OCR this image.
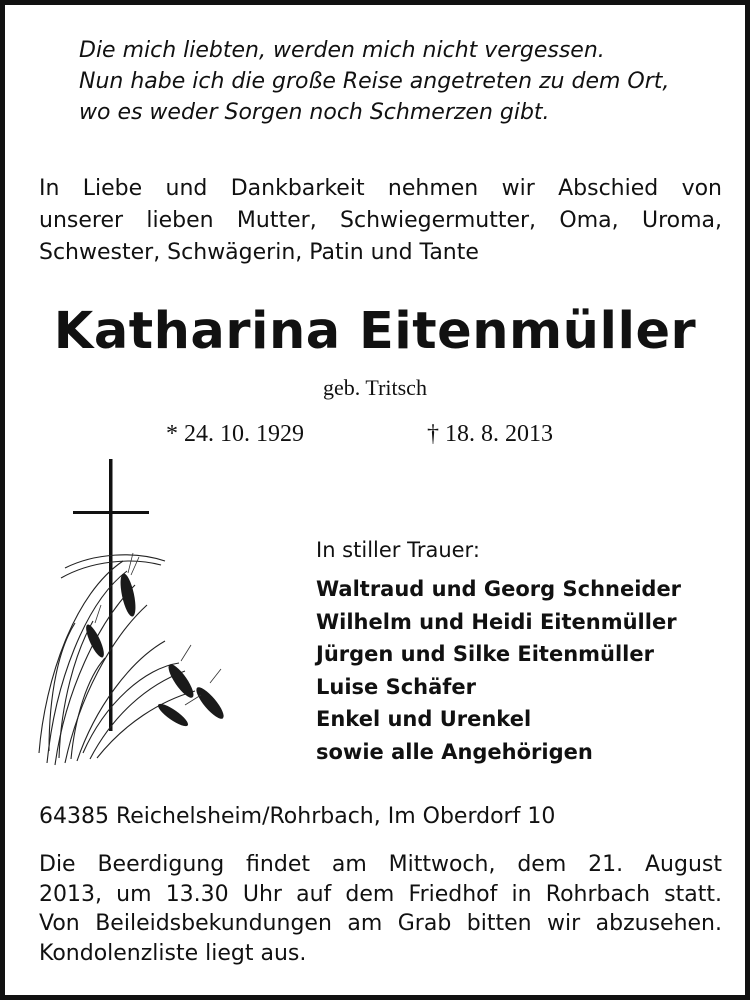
Die mich liebten, werden mich nicht vergessen.
Nun habe ich die große Reise angetreten zu dem Ort,
wo es weder Sorgen noch Schmerzen gibt.
In Liebe und Dankbarkeit nehmen wir Abschied von
unserer lieben Mutter, Schwiegermutter, Oma, Uroma,
Schwester, Schwägerin, Patin und Tante
Katharina Eitenmüller
geb. Tritsch
* 24. 10. 1929	† 18. 8. 2013
In stiller Trauer:
Waltraud und Georg Schneider
Wilhelm und Heidi Eitenmüller
Jürgen und Silke Eitenmüller
Luise Schäfer
Enkel und Urenkel
sowie alle Angehörigen
64385 Reichelsheim/Rohrbach, Im Oberdorf 10
Die Beerdigung findet am Mittwoch, dem 21. August
2013, um 13.30 Uhr auf dem Friedhof in Rohrbach statt.
Von Beileidsbekundungen am Grab bitten wir abzusehen.
Kondolenzliste liegt aus.
